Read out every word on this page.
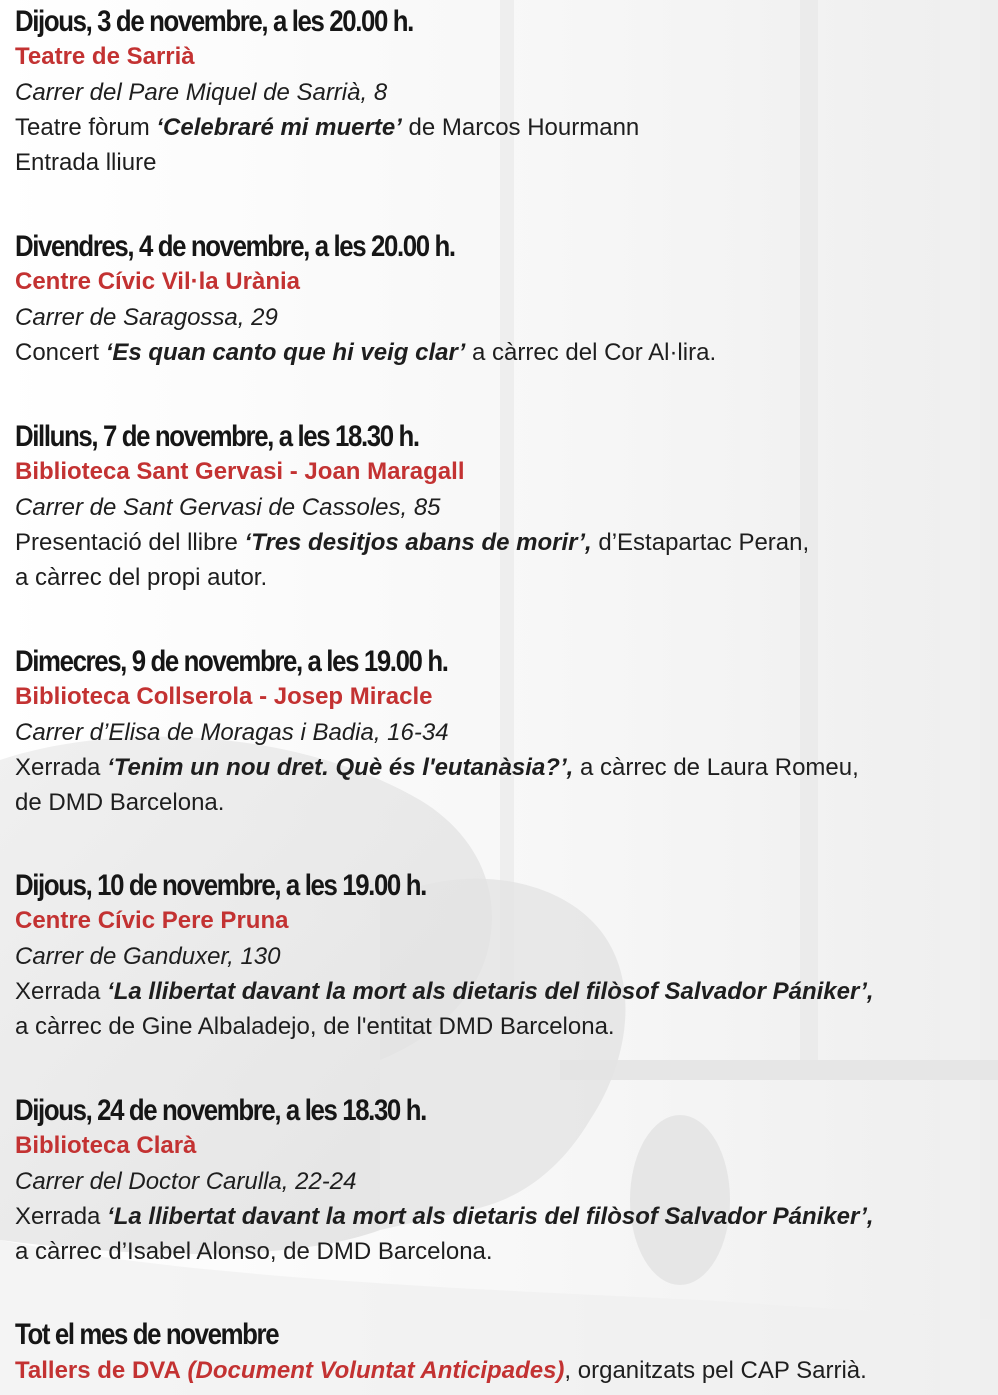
Dijous, 3 de novembre, a les 20.00 h.
Teatre de Sarrià
Carrer del Pare Miquel de Sarrià, 8
Teatre fòrum ‘Celebraré mi muerte’ de Marcos Hourmann
Entrada lliure
Divendres, 4 de novembre, a les 20.00 h.
Centre Cívic Vil·la Urània
Carrer de Saragossa, 29
Concert ‘Es quan canto que hi veig clar’ a càrrec del Cor Al·lira.
Dilluns, 7 de novembre, a les 18.30 h.
Biblioteca Sant Gervasi - Joan Maragall
Carrer de Sant Gervasi de Cassoles, 85
Presentació del llibre ‘Tres desitjos abans de morir’, d’Estapartac Peran,
a càrrec del propi autor.
Dimecres, 9 de novembre, a les 19.00 h.
Biblioteca Collserola - Josep Miracle
Carrer d’Elisa de Moragas i Badia, 16-34
Xerrada ‘Tenim un nou dret. Què és l'eutanàsia?’, a càrrec de Laura Romeu,
de DMD Barcelona.
Dijous, 10 de novembre, a les 19.00 h.
Centre Cívic Pere Pruna
Carrer de Ganduxer, 130
Xerrada ‘La llibertat davant la mort als dietaris del filòsof Salvador Pániker’,
a càrrec de Gine Albaladejo, de l'entitat DMD Barcelona.
Dijous, 24 de novembre, a les 18.30 h.
Biblioteca Clarà
Carrer del Doctor Carulla, 22-24
Xerrada ‘La llibertat davant la mort als dietaris del filòsof Salvador Pániker’,
a càrrec d’Isabel Alonso, de DMD Barcelona.
Tot el mes de novembre
Tallers de DVA (Document Voluntat Anticipades), organitzats pel CAP Sarrià.
